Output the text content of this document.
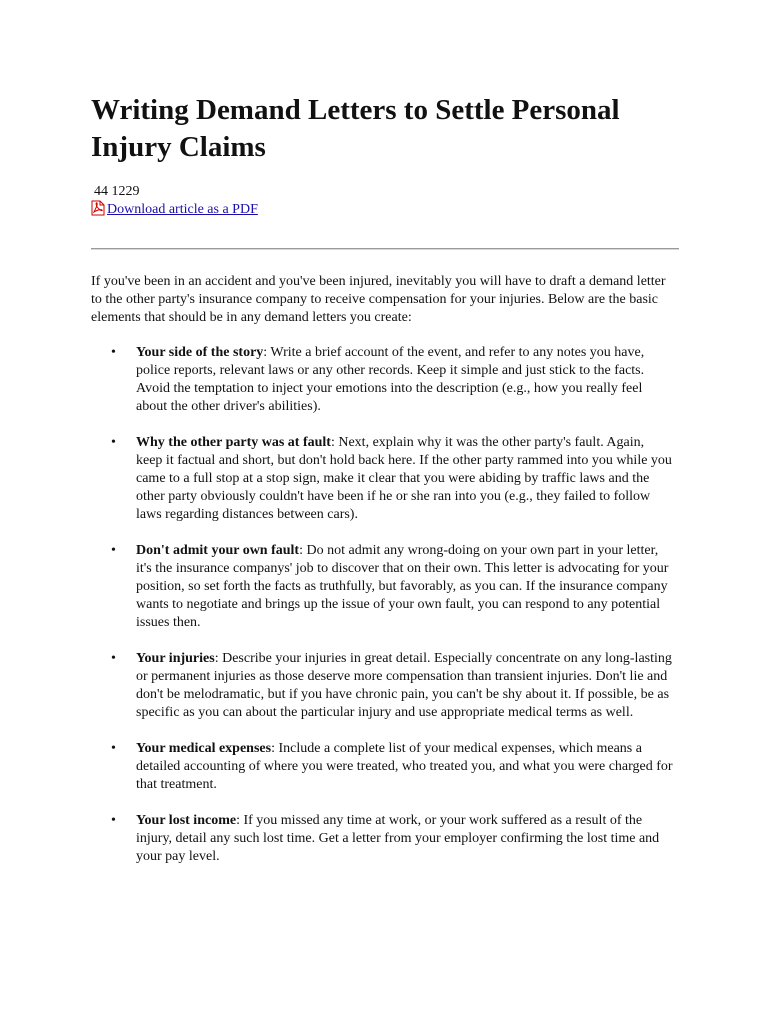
Writing Demand Letters to Settle Personal Injury Claims
44 1229
Download article as a PDF

If you've been in an accident and you've been injured, inevitably you will have to draft a demand letter to the other party's insurance company to receive compensation for your injuries. Below are the basic elements that should be in any demand letters you create:

• Your side of the story: Write a brief account of the event, and refer to any notes you have, police reports, relevant laws or any other records. Keep it simple and just stick to the facts. Avoid the temptation to inject your emotions into the description (e.g., how you really feel about the other driver's abilities).
• Why the other party was at fault: Next, explain why it was the other party's fault. Again, keep it factual and short, but don't hold back here. If the other party rammed into you while you came to a full stop at a stop sign, make it clear that you were abiding by traffic laws and the other party obviously couldn't have been if he or she ran into you (e.g., they failed to follow laws regarding distances between cars).
• Don't admit your own fault: Do not admit any wrong-doing on your own part in your letter, it's the insurance companys' job to discover that on their own. This letter is advocating for your position, so set forth the facts as truthfully, but favorably, as you can. If the insurance company wants to negotiate and brings up the issue of your own fault, you can respond to any potential issues then.
• Your injuries: Describe your injuries in great detail. Especially concentrate on any long-lasting or permanent injuries as those deserve more compensation than transient injuries. Don't lie and don't be melodramatic, but if you have chronic pain, you can't be shy about it. If possible, be as specific as you can about the particular injury and use appropriate medical terms as well.
• Your medical expenses: Include a complete list of your medical expenses, which means a detailed accounting of where you were treated, who treated you, and what you were charged for that treatment.
• Your lost income: If you missed any time at work, or your work suffered as a result of the injury, detail any such lost time. Get a letter from your employer confirming the lost time and your pay level.
